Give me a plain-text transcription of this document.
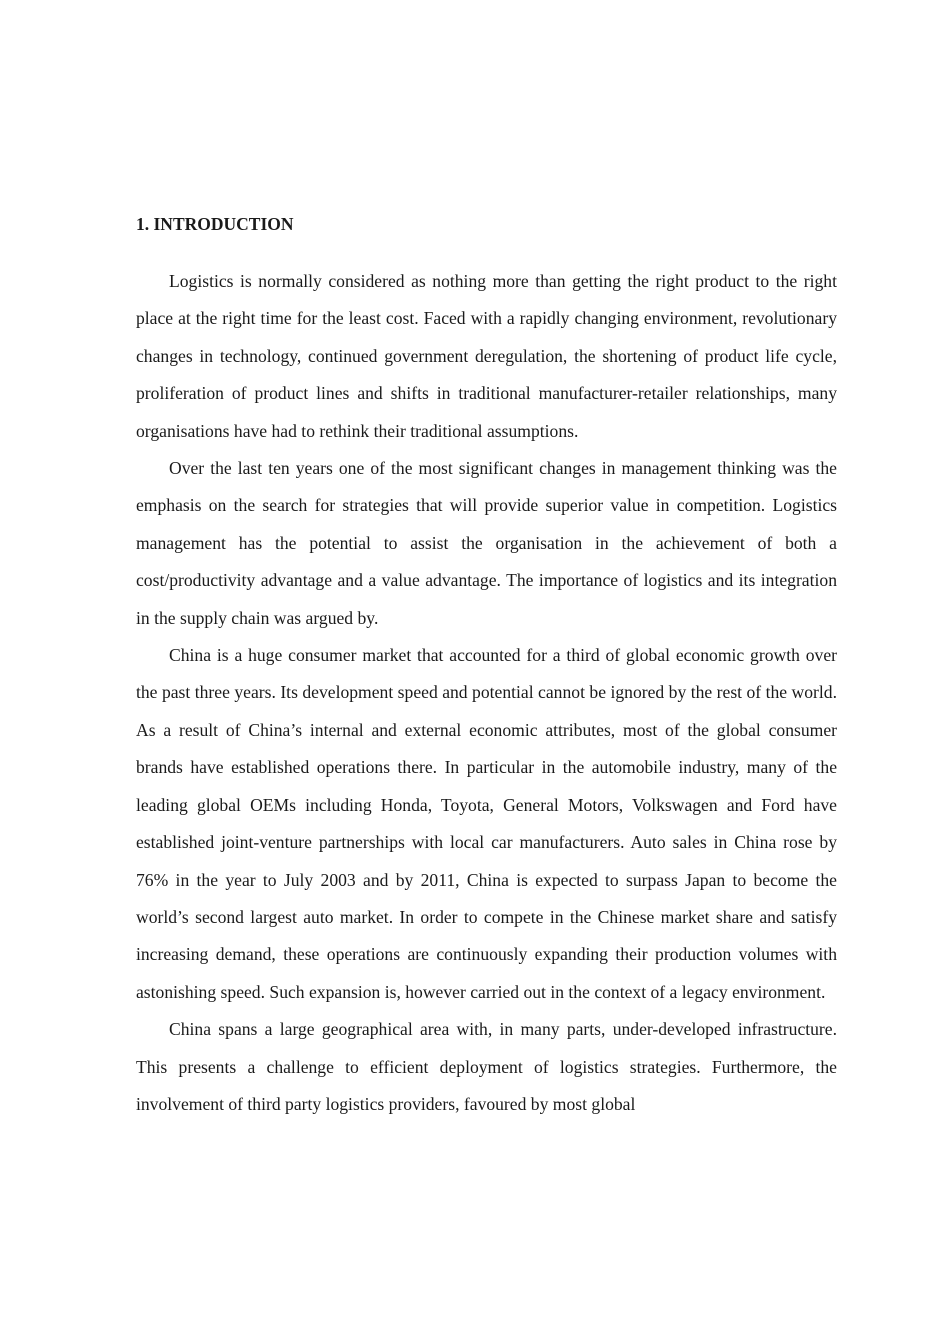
1. INTRODUCTION

Logistics is normally considered as nothing more than getting the right product to the right place at the right time for the least cost. Faced with a rapidly changing environment, revolutionary changes in technology, continued government deregulation, the shortening of product life cycle, proliferation of product lines and shifts in traditional manufacturer-retailer relationships, many organisations have had to rethink their traditional assumptions.

Over the last ten years one of the most significant changes in management thinking was the emphasis on the search for strategies that will provide superior value in competition. Logistics management has the potential to assist the organisation in the achievement of both a cost/productivity advantage and a value advantage. The importance of logistics and its integration in the supply chain was argued by.

China is a huge consumer market that accounted for a third of global economic growth over the past three years. Its development speed and potential cannot be ignored by the rest of the world. As a result of China’s internal and external economic attributes, most of the global consumer brands have established operations there. In particular in the automobile industry, many of the leading global OEMs including Honda, Toyota, General Motors, Volkswagen and Ford have established joint-venture partnerships with local car manufacturers. Auto sales in China rose by 76% in the year to July 2003 and by 2011, China is expected to surpass Japan to become the world’s second largest auto market. In order to compete in the Chinese market share and satisfy increasing demand, these operations are continuously expanding their production volumes with astonishing speed. Such expansion is, however carried out in the context of a legacy environment.

China spans a large geographical area with, in many parts, under-developed infrastructure. This presents a challenge to efficient deployment of logistics strategies. Furthermore, the involvement of third party logistics providers, favoured by most global
